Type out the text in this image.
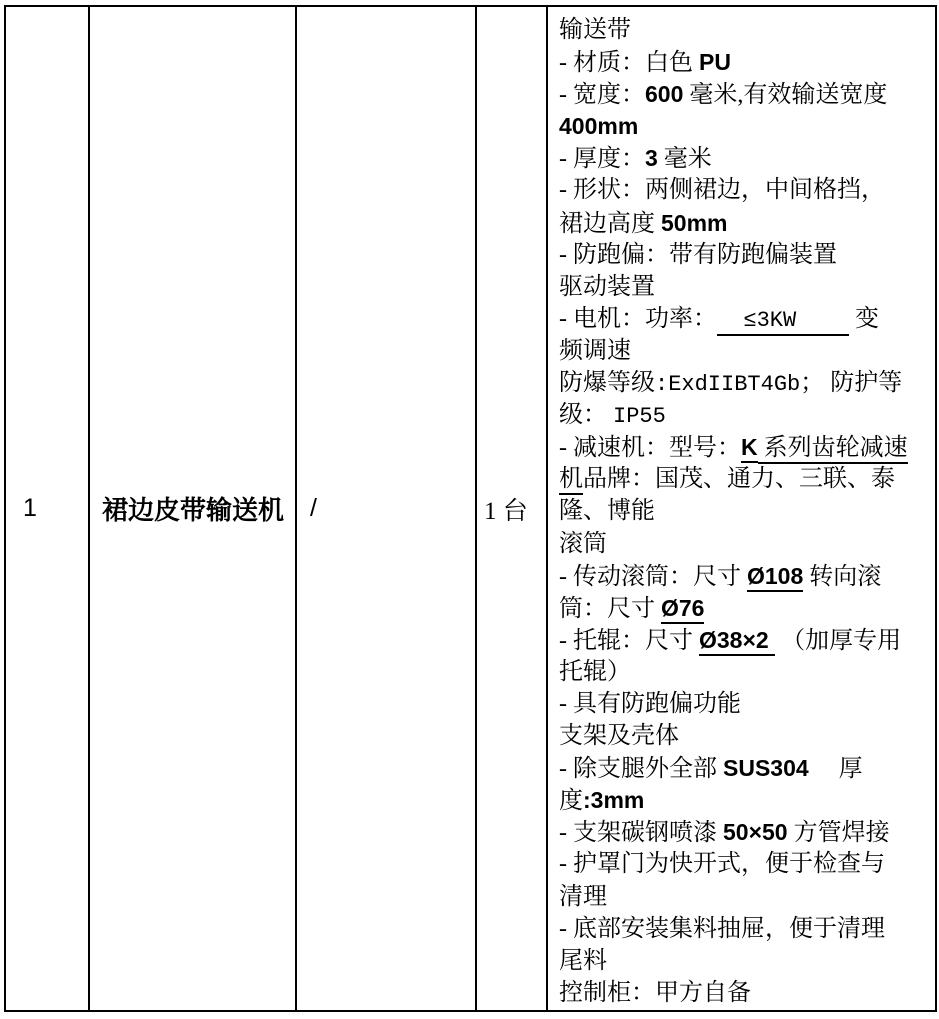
1	裙边皮带输送机	/	1 台	
输送带
- 材质：白色 PU
- 宽度：600 毫米,有效输送宽度
400mm
- 厚度：3 毫米
- 形状：两侧裙边，中间格挡，
裙边高度 50mm
- 防跑偏：带有防跑偏装置
驱动装置
- 电机：功率： ≤3KW     变
频调速
防爆等级:ExdIIBT4Gb； 防护等
级： IP55
- 减速机：型号：K 系列齿轮减速
机品牌：国茂、通力、三联、泰
隆、博能
滚筒
- 传动滚筒：尺寸 Ø108 转向滚
筒：尺寸 Ø76
- 托辊：尺寸 Ø38×2  （加厚专用
托辊）
- 具有防跑偏功能
支架及壳体
- 除支腿外全部 SUS304　 厚
度:3mm
- 支架碳钢喷漆 50×50 方管焊接
- 护罩门为快开式，便于检查与
清理
- 底部安装集料抽屉，便于清理
尾料
控制柜：甲方自备
